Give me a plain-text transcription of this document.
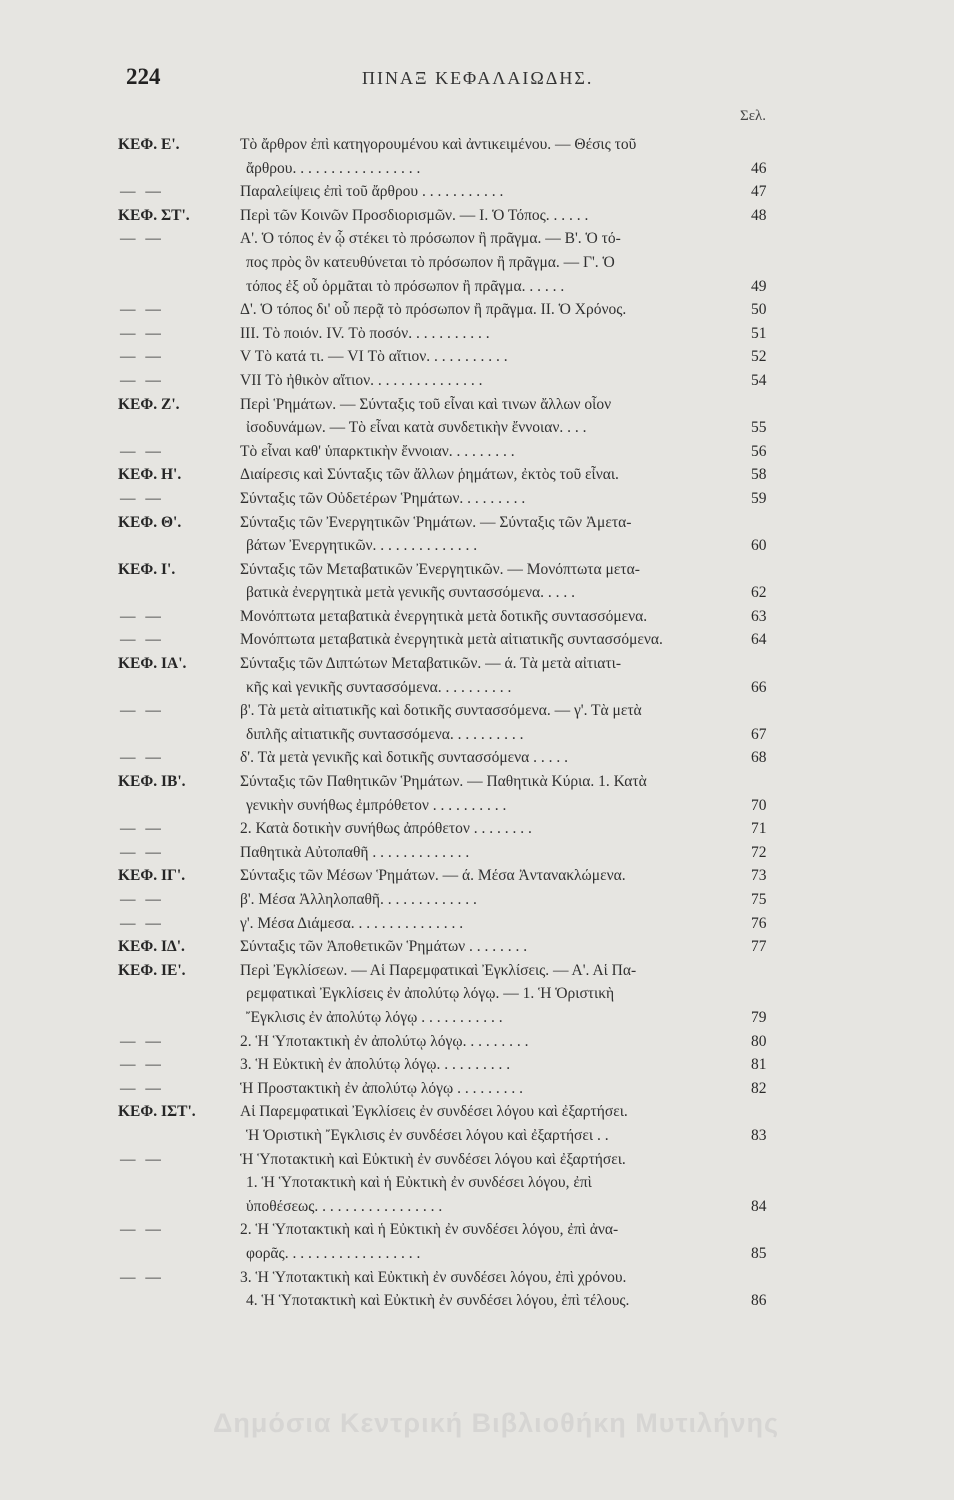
224	ΠΙΝΑΞ ΚΕΦΑΛΑΙΩΔΗΣ.
Σελ.
ΚΕΦ. Ε'.	Τὸ ἄρθρον ἐπὶ κατηγορουμένου καὶ ἀντικειμένου. — Θέσις τοῦ
ἄρθρου. . . . . . . . . . . . . . . . .	46
— —	Παραλείψεις ἐπὶ τοῦ ἄρθρου . . . . . . . . . . .	47
ΚΕΦ. ΣΤ'.	Περὶ τῶν Κοινῶν Προσδιορισμῶν. — Ι. Ὁ Τόπος. . . . . .	48
— —	Α'. Ὁ τόπος ἐν ᾧ στέκει τὸ πρόσωπον ἢ πρᾶγμα. — Β'. Ὁ τό-
πος πρὸς ὃν κατευθύνεται τὸ πρόσωπον ἢ πρᾶγμα. — Γ'. Ὁ
τόπος ἐξ οὗ ὁρμᾶται τὸ πρόσωπον ἢ πρᾶγμα. . . . . .	49
— —	Δ'. Ὁ τόπος δι' οὗ περᾷ τὸ πρόσωπον ἢ πρᾶγμα. ΙΙ. Ὁ Χρόνος.	50
— —	ΙΙΙ. Τὸ ποιόν. ΙV. Τὸ ποσόν. . . . . . . . . . .	51
— —	V Τὸ κατά τι. — VI Τὸ αἴτιον. . . . . . . . . . .	52
— —	VII Τὸ ἠθικὸν αἴτιον. . . . . . . . . . . . . . .	54
ΚΕΦ. Ζ'.	Περὶ Ῥημάτων. — Σύνταξις τοῦ εἶναι καὶ τινων ἄλλων οἷον
ἰσοδυνάμων. — Τὸ εἶναι κατὰ συνδετικὴν ἔννοιαν. . . .	55
— —	Τὸ εἶναι καθ' ὑπαρκτικὴν ἔννοιαν. . . . . . . . .	56
ΚΕΦ. Η'.	Διαίρεσις καὶ Σύνταξις τῶν ἄλλων ῥημάτων, ἐκτὸς τοῦ εἶναι.	58
— —	Σύνταξις τῶν Οὐδετέρων Ῥημάτων. . . . . . . . .	59
ΚΕΦ. Θ'.	Σύνταξις τῶν Ἐνεργητικῶν Ῥημάτων. — Σύνταξις τῶν Ἀμετα-
βάτων Ἐνεργητικῶν. . . . . . . . . . . . . .	60
ΚΕΦ. Ι'.	Σύνταξις τῶν Μεταβατικῶν Ἐνεργητικῶν. — Μονόπτωτα μετα-
βατικὰ ἐνεργητικὰ μετὰ γενικῆς συντασσόμενα. . . . .	62
— —	Μονόπτωτα μεταβατικὰ ἐνεργητικὰ μετὰ δοτικῆς συντασσόμενα.	63
— —	Μονόπτωτα μεταβατικὰ ἐνεργητικὰ μετὰ αἰτιατικῆς συντασσόμενα.	64
ΚΕΦ. ΙΑ'.	Σύνταξις τῶν Διπτώτων Μεταβατικῶν. — ά. Τὰ μετὰ αἰτιατι-
κῆς καὶ γενικῆς συντασσόμενα. . . . . . . . . .	66
— —	β'. Τὰ μετὰ αἰτιατικῆς καὶ δοτικῆς συντασσόμενα. — γ'. Τὰ μετὰ
διπλῆς αἰτιατικῆς συντασσόμενα. . . . . . . . . .	67
— —	δ'. Τὰ μετὰ γενικῆς καὶ δοτικῆς συντασσόμενα . . . . .	68
ΚΕΦ. ΙΒ'.	Σύνταξις τῶν Παθητικῶν Ῥημάτων. — Παθητικὰ Κύρια. 1. Κατὰ
γενικὴν συνήθως ἐμπρόθετον . . . . . . . . . .	70
— —	2. Κατὰ δοτικὴν συνήθως ἀπρόθετον . . . . . . . .	71
— —	Παθητικὰ Αὐτοπαθῆ . . . . . . . . . . . . .	72
ΚΕΦ. ΙΓ'.	Σύνταξις τῶν Μέσων Ῥημάτων. — ά. Μέσα Ἀντανακλώμενα.	73
— —	β'. Μέσα Ἀλληλοπαθῆ. . . . . . . . . . . . .	75
— —	γ'. Μέσα Διάμεσα. . . . . . . . . . . . . . .	76
ΚΕΦ. ΙΔ'.	Σύνταξις τῶν Ἀποθετικῶν Ῥημάτων . . . . . . . .	77
ΚΕΦ. ΙΕ'.	Περὶ Ἐγκλίσεων. — Αἱ Παρεμφατικαὶ Ἐγκλίσεις. — Α'. Αἱ Πα-
ρεμφατικαὶ Ἐγκλίσεις ἐν ἀπολύτῳ λόγῳ. — 1. Ἡ Ὁριστικὴ
Ἔγκλισις ἐν ἀπολύτῳ λόγῳ . . . . . . . . . . .	79
— —	2. Ἡ Ὑποτακτικὴ ἐν ἀπολύτῳ λόγῳ. . . . . . . . .	80
— —	3. Ἡ Εὐκτικὴ ἐν ἀπολύτῳ λόγῳ. . . . . . . . . .	81
— —	Ἡ Προστακτικὴ ἐν ἀπολύτῳ λόγῳ . . . . . . . . .	82
ΚΕΦ. ΙΣΤ'.	Αἱ Παρεμφατικαὶ Ἐγκλίσεις ἐν συνδέσει λόγου καὶ ἐξαρτήσει.
Ἡ Ὁριστικὴ Ἔγκλισις ἐν συνδέσει λόγου καὶ ἐξαρτήσει . .	83
— —	Ἡ Ὑποτακτικὴ καὶ Εὐκτικὴ ἐν συνδέσει λόγου καὶ ἐξαρτήσει.
1. Ἡ Ὑποτακτικὴ καὶ ἡ Εὐκτικὴ ἐν συνδέσει λόγου, ἐπὶ
ὑποθέσεως. . . . . . . . . . . . . . . . .	84
— —	2. Ἡ Ὑποτακτικὴ καὶ ἡ Εὐκτικὴ ἐν συνδέσει λόγου, ἐπὶ ἀνα-
φορᾶς. . . . . . . . . . . . . . . . . .	85
— —	3. Ἡ Ὑποτακτικὴ καὶ Εὐκτικὴ ἐν συνδέσει λόγου, ἐπὶ χρόνου.
4. Ἡ Ὑποτακτικὴ καὶ Εὐκτικὴ ἐν συνδέσει λόγου, ἐπὶ τέλους.	86
Δημόσια Κεντρική Βιβλιοθήκη Μυτιλήνης
